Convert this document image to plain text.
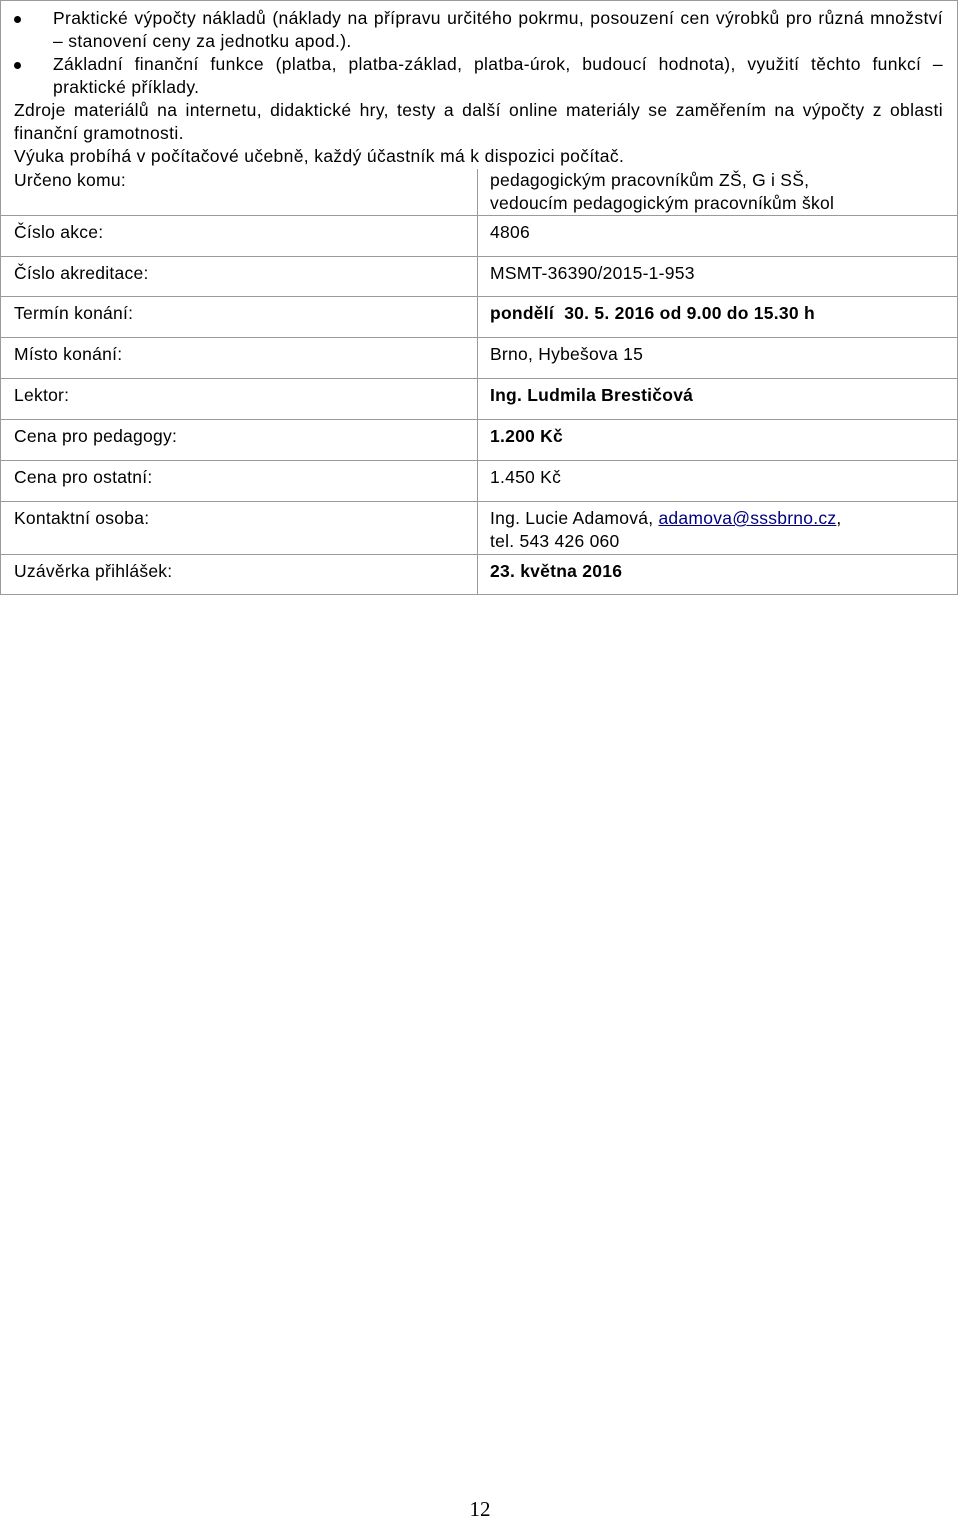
Praktické výpočty nákladů (náklady na přípravu určitého pokrmu, posouzení cen výrobků pro různá množství – stanovení ceny za jednotku apod.).
Základní finanční funkce (platba, platba-základ, platba-úrok, budoucí hodnota), využití těchto funkcí – praktické příklady.
Zdroje materiálů na internetu, didaktické hry, testy a další online materiály se zaměřením na výpočty z oblasti finanční gramotnosti.
Výuka probíhá v počítačové učebně, každý účastník má k dispozici počítač.
Určeno komu:	pedagogickým pracovníkům ZŠ, G i SŠ,
vedoucím pedagogickým pracovníkům škol

Číslo akce:	4806
Číslo akreditace:	MSMT-36390/2015-1-953
Termín konání:	pondělí  30. 5. 2016 od 9.00 do 15.30 h
Místo konání:	Brno, Hybešova 15
Lektor:	Ing. Ludmila Brestičová
Cena pro pedagogy:	1.200 Kč
Cena pro ostatní:	1.450 Kč
Kontaktní osoba:	Ing. Lucie Adamová, adamova@sssbrno.cz,
tel. 543 426 060

Uzávěrka přihlášek:	23. května 2016
12
